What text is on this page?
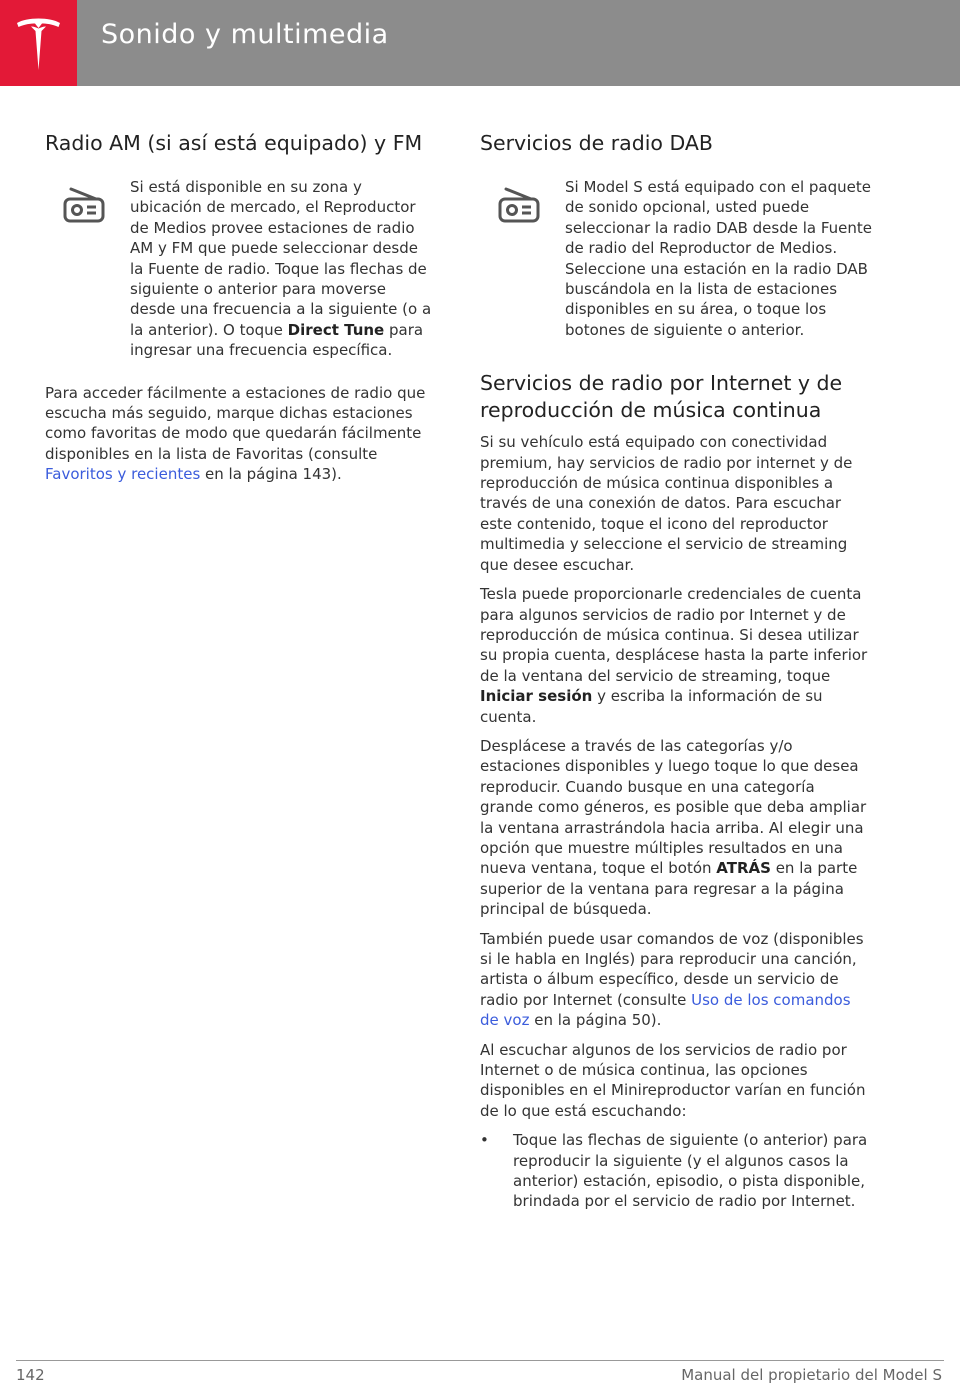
Sonido y multimedia
Radio AM (si así está equipado) y FM

Si está disponible en su zona y ubicación de mercado, el Reproductor de Medios provee estaciones de radio AM y FM que puede seleccionar desde la Fuente de radio. Toque las flechas de siguiente o anterior para moverse desde una frecuencia a la siguiente (o a la anterior). O toque Direct Tune para ingresar una frecuencia específica.

Para acceder fácilmente a estaciones de radio que escucha más seguido, marque dichas estaciones como favoritas de modo que quedarán fácilmente disponibles en la lista de Favoritas (consulte Favoritos y recientes en la página 143).

Servicios de radio DAB

Si Model S está equipado con el paquete de sonido opcional, usted puede seleccionar la radio DAB desde la Fuente de radio del Reproductor de Medios. Seleccione una estación en la radio DAB buscándola en la lista de estaciones disponibles en su área, o toque los botones de siguiente o anterior.

Servicios de radio por Internet y de reproducción de música continua

Si su vehículo está equipado con conectividad premium, hay servicios de radio por internet y de reproducción de música continua disponibles a través de una conexión de datos. Para escuchar este contenido, toque el icono del reproductor multimedia y seleccione el servicio de streaming que desee escuchar.

Tesla puede proporcionarle credenciales de cuenta para algunos servicios de radio por Internet y de reproducción de música continua. Si desea utilizar su propia cuenta, desplácese hasta la parte inferior de la ventana del servicio de streaming, toque Iniciar sesión y escriba la información de su cuenta.

Desplácese a través de las categorías y/o estaciones disponibles y luego toque lo que desea reproducir. Cuando busque en una categoría grande como géneros, es posible que deba ampliar la ventana arrastrándola hacia arriba. Al elegir una opción que muestre múltiples resultados en una nueva ventana, toque el botón ATRÁS en la parte superior de la ventana para regresar a la página principal de búsqueda.

También puede usar comandos de voz (disponibles si le habla en Inglés) para reproducir una canción, artista o álbum específico, desde un servicio de radio por Internet (consulte Uso de los comandos de voz en la página 50).

Al escuchar algunos de los servicios de radio por Internet o de música continua, las opciones disponibles en el Minireproductor varían en función de lo que está escuchando:

• Toque las flechas de siguiente (o anterior) para reproducir la siguiente (y el algunos casos la anterior) estación, episodio, o pista disponible, brindada por el servicio de radio por Internet.
142	Manual del propietario del Model S
